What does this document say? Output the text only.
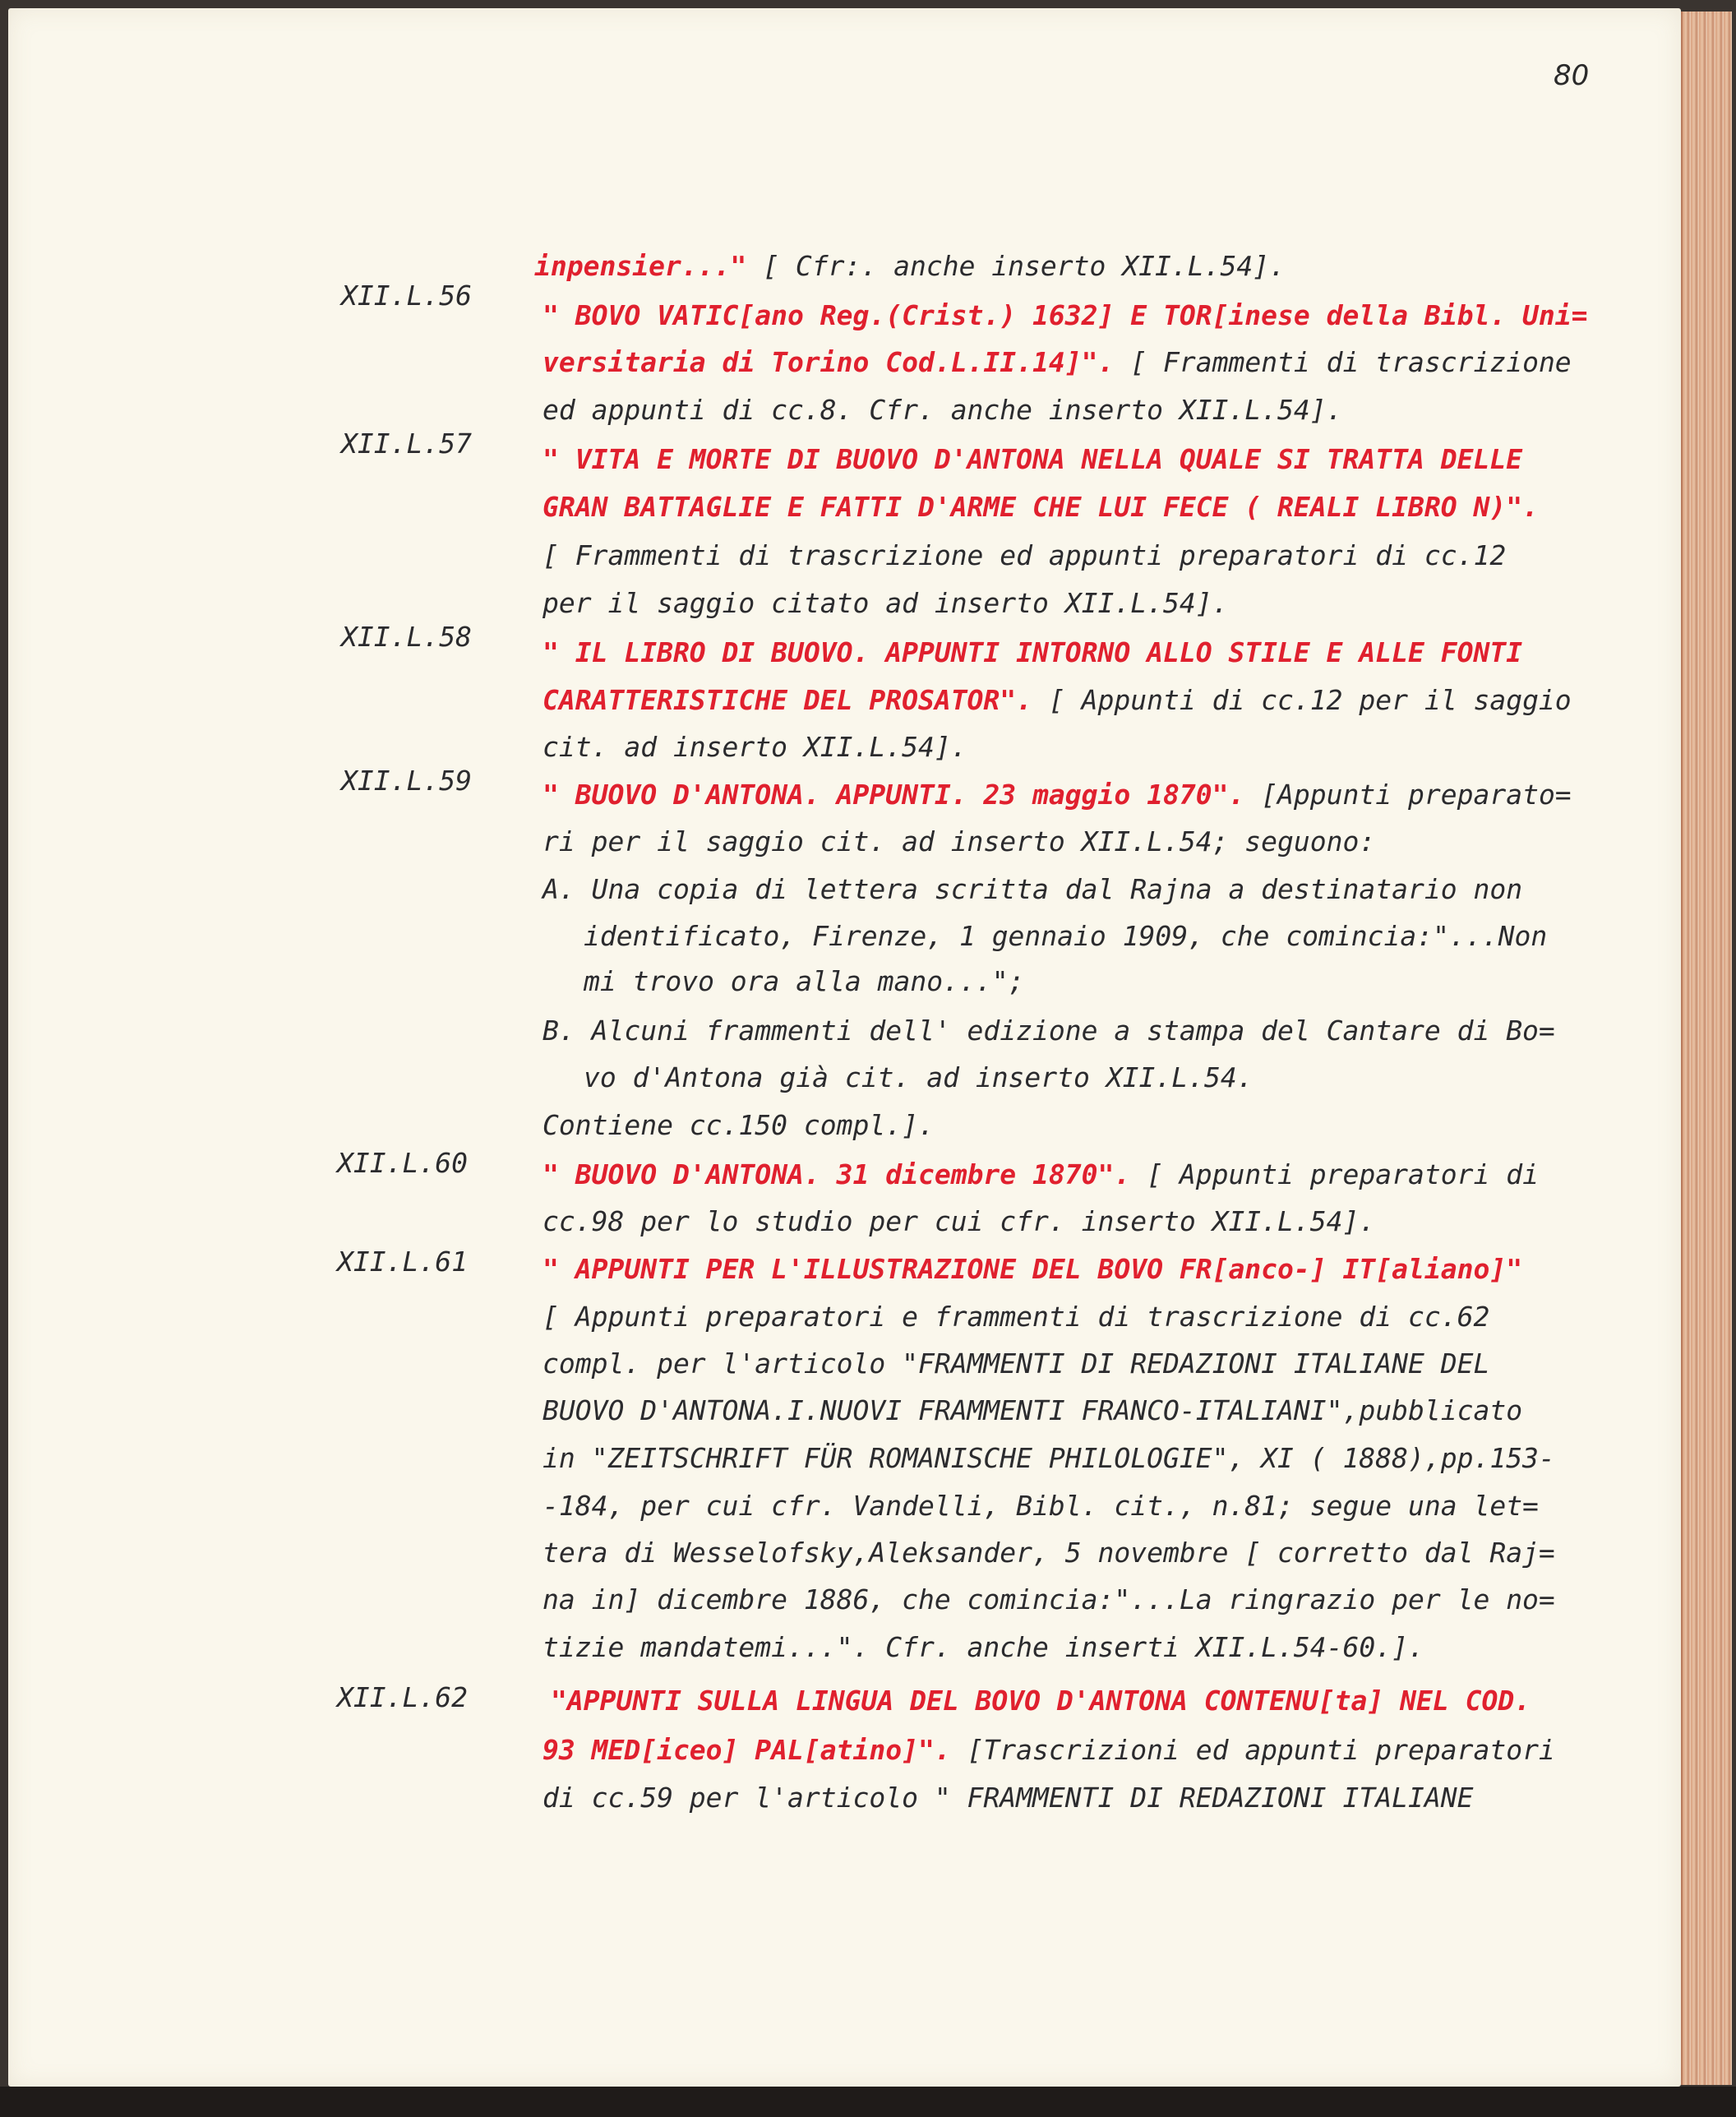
80
XII.L.56
XII.L.57
XII.L.58
XII.L.59
XII.L.60
XII.L.61
XII.L.62
inpensier..." [ Cfr:. anche inserto XII.L.54].
" BOVO VATIC[ano Reg.(Crist.) 1632] E TOR[inese della Bibl. Uni=
versitaria di Torino Cod.L.II.14]". [ Frammenti di trascrizione
ed appunti di cc.8. Cfr. anche inserto XII.L.54].
" VITA E MORTE DI BUOVO D'ANTONA NELLA QUALE SI TRATTA DELLE
GRAN BATTAGLIE E FATTI D'ARME CHE LUI FECE ( REALI LIBRO N)".
[ Frammenti di trascrizione ed appunti preparatori di cc.12
per il saggio citato ad inserto XII.L.54].
" IL LIBRO DI BUOVO. APPUNTI INTORNO ALLO STILE E ALLE FONTI
CARATTERISTICHE DEL PROSATOR". [ Appunti di cc.12 per il saggio
cit. ad inserto XII.L.54].
" BUOVO D'ANTONA. APPUNTI. 23 maggio 1870". [Appunti preparato=
ri per il saggio cit. ad inserto XII.L.54; seguono:
A. Una copia di lettera scritta dal Rajna a destinatario non
identificato, Firenze, 1 gennaio 1909, che comincia:"...Non
mi trovo ora alla mano...";
B. Alcuni frammenti dell' edizione a stampa del Cantare di Bo=
vo d'Antona già cit. ad inserto XII.L.54.
Contiene cc.150 compl.].
" BUOVO D'ANTONA. 31 dicembre 1870". [ Appunti preparatori di
cc.98 per lo studio per cui cfr. inserto XII.L.54].
" APPUNTI PER L'ILLUSTRAZIONE DEL BOVO FR[anco-] IT[aliano]"
[ Appunti preparatori e frammenti di trascrizione di cc.62
compl. per l'articolo "FRAMMENTI DI REDAZIONI ITALIANE DEL
BUOVO D'ANTONA.I.NUOVI FRAMMENTI FRANCO-ITALIANI",pubblicato
in "ZEITSCHRIFT FÜR ROMANISCHE PHILOLOGIE", XI ( 1888),pp.153-
-184, per cui cfr. Vandelli, Bibl. cit., n.81; segue una let=
tera di Wesselofsky,Aleksander, 5 novembre [ corretto dal Raj=
na in] dicembre 1886, che comincia:"...La ringrazio per le no=
tizie mandatemi...". Cfr. anche inserti XII.L.54-60.].
"APPUNTI SULLA LINGUA DEL BOVO D'ANTONA CONTENU[ta] NEL COD.
93 MED[iceo] PAL[atino]". [Trascrizioni ed appunti preparatori
di cc.59 per l'articolo " FRAMMENTI DI REDAZIONI ITALIANE
